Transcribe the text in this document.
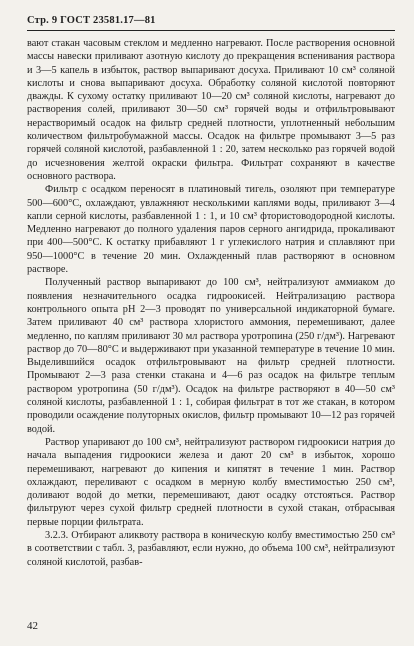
Стр. 9 ГОСТ 23581.17—81

вают стакан часовым стеклом и медленно нагревают. После растворения основной массы навески приливают азотную кислоту до прекращения вспенивания раствора и 3—5 капель в избыток, раствор выпаривают досуха. Приливают 10 см³ соляной кислоты и снова выпаривают досуха. Обработку соляной кислотой повторяют дважды. К сухому остатку приливают 10—20 см³ соляной кислоты, нагревают до растворения солей, приливают 30—50 см³ горячей воды и отфильтровывают нерастворимый осадок на фильтр средней плотности, уплотненный небольшим количеством фильтробумажной массы. Осадок на фильтре промывают 3—5 раз горячей соляной кислотой, разбавленной 1 : 20, затем несколько раз горячей водой до исчезновения желтой окраски фильтра. Фильтрат сохраняют в качестве основного раствора.

Фильтр с осадком переносят в платиновый тигель, озоляют при температуре 500—600°С, охлаждают, увлажняют несколькими каплями воды, приливают 3—4 капли серной кислоты, разбавленной 1 : 1, и 10 см³ фтористоводородной кислоты. Медленно нагревают до полного удаления паров серного ангидрида, прокаливают при 400—500°С. К остатку прибавляют 1 г углекислого натрия и сплавляют при 950—1000°С в течение 20 мин. Охлажденный плав растворяют в основном растворе.

Полученный раствор выпаривают до 100 см³, нейтрализуют аммиаком до появления незначительного осадка гидроокисей. Нейтрализацию раствора контрольного опыта рН 2—3 проводят по универсальной индикаторной бумаге. Затем приливают 40 см³ раствора хлористого аммония, перемешивают, далее медленно, по каплям приливают 30 мл раствора уротропина (250 г/дм³). Нагревают раствор до 70—80°С и выдерживают при указанной температуре в течение 10 мин. Выделившийся осадок отфильтровывают на фильтр средней плотности. Промывают 2—3 раза стенки стакана и 4—6 раз осадок на фильтре теплым раствором уротропина (50 г/дм³). Осадок на фильтре растворяют в 40—50 см³ соляной кислоты, разбавленной 1 : 1, собирая фильтрат в тот же стакан, в котором проводили осаждение полуторных окислов, фильтр промывают 10—12 раз горячей водой.

Раствор упаривают до 100 см³, нейтрализуют раствором гидроокиси натрия до начала выпадения гидроокиси железа и дают 20 см³ в избыток, хорошо перемешивают, нагревают до кипения и кипятят в течение 1 мин. Раствор охлаждают, переливают с осадком в мерную колбу вместимостью 250 см³, доливают водой до метки, перемешивают, дают осадку отстояться. Раствор фильтруют через сухой фильтр средней плотности в сухой стакан, отбрасывая первые порции фильтрата.

3.2.3. Отбирают аликвоту раствора в коническую колбу вместимостью 250 см³ в соответствии с табл. 3, разбавляют, если нужно, до объема 100 см³, нейтрализуют соляной кислотой, разбав-

42
